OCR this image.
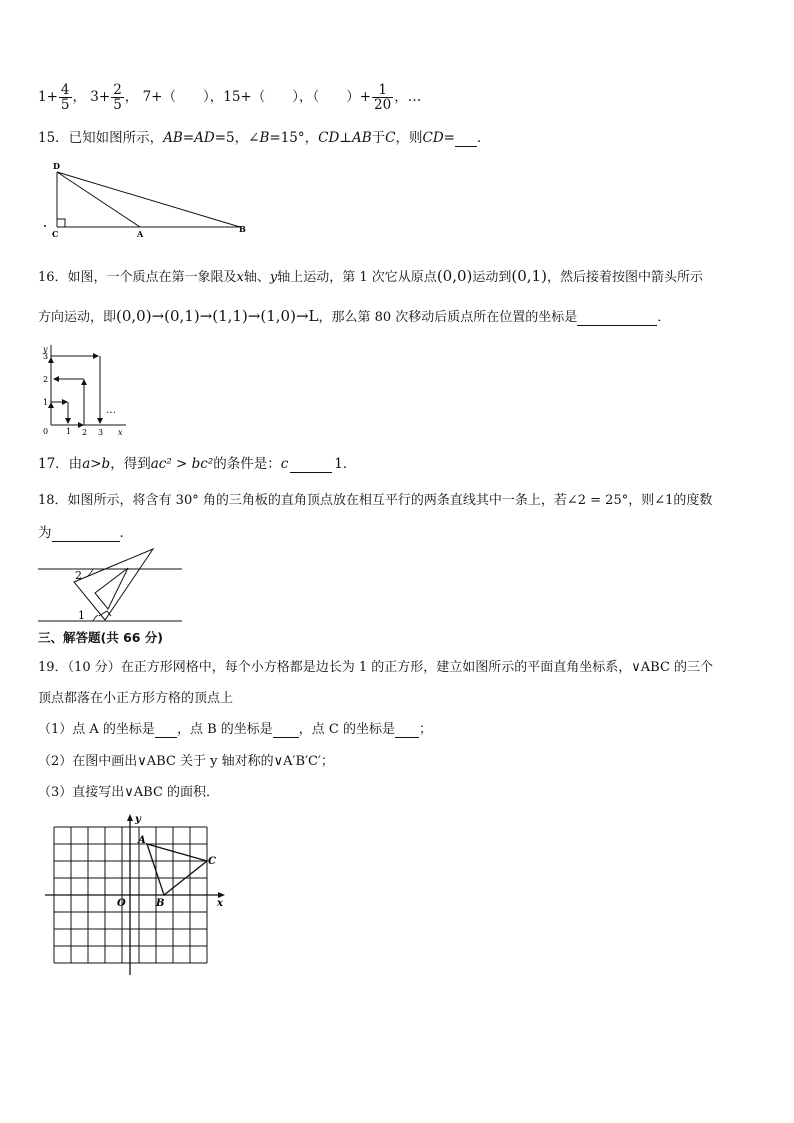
$1+ \frac{4}{5}$ ， $3+ \frac{2}{5}$ ， 7+（　　），15+（　　），（　　）+ $\frac{1}{20}$ ，…
15．已知如图所示，AB=AD=5，∠B=15°，CD⊥AB于C，则CD= ．
D
C	A	B
16．如图，一个质点在第一象限及x轴、y轴上运动，第 1 次它从原点(0,0)运动到(0,1)，然后接着按图中箭头所示
方向运动，即(0,0)→(0,1)→(1,1)→(1,0)→L，那么第 80 次移动后质点所在位置的坐标是	．
y
3
2
1
0 1 2 3 x
…
17．由a>b，得到ac² > bc²的条件是：c	1．
18．如图所示，将含有 30° 角的三角板的直角顶点放在相互平行的两条直线其中一条上，若∠2 = 25°，则∠1的度数
为	．
2
1
三、解答题(共 66 分)
19．（10 分）在正方形网格中，每个小方格都是边长为 1 的正方形，建立如图所示的平面直角坐标系，∨ABC 的三个
顶点都落在小正方形方格的顶点上
（1）点 A 的坐标是 ，点 B 的坐标是 ，点 C 的坐标是 ；
（2）在图中画出∨ABC 关于 y 轴对称的∨A′B′C′；
（3）直接写出∨ABC 的面积．
y
x
O
A
B
C
